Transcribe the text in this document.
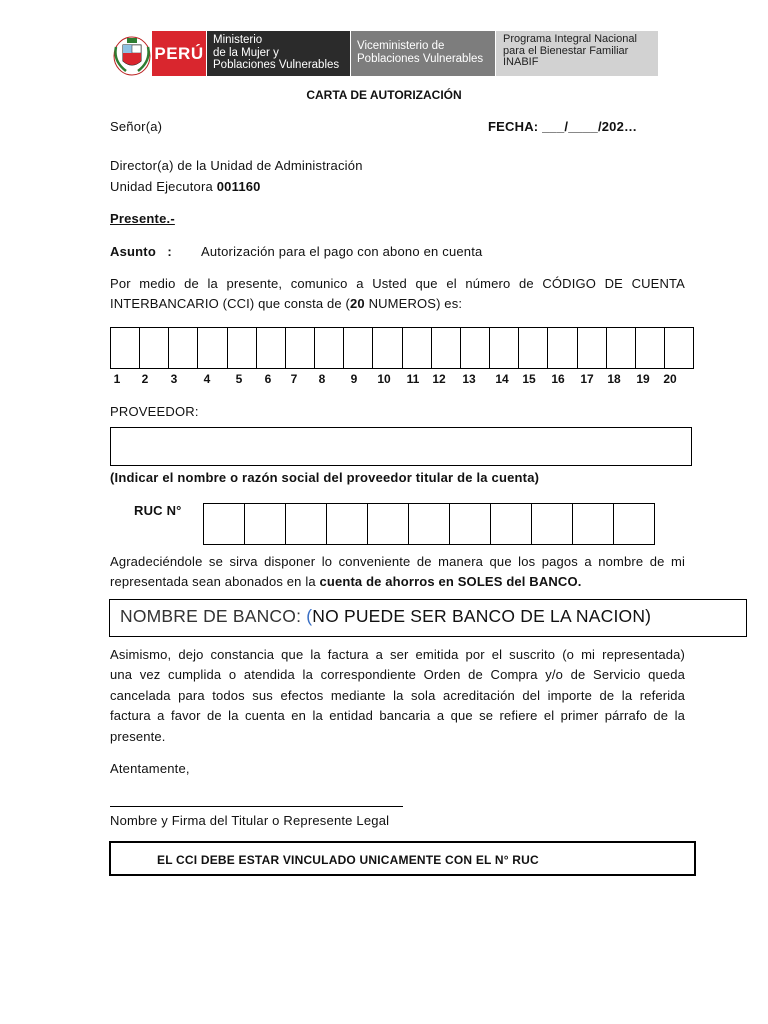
PERÚ
Ministerio
de la Mujer y
Poblaciones Vulnerables
Viceministerio de
Poblaciones Vulnerables
Programa Integral Nacional
para el Bienestar Familiar
INABIF
CARTA DE AUTORIZACIÓN
Señor(a)	FECHA: ___/____/202…
Director(a) de la Unidad de Administración
Unidad Ejecutora 001160
Presente.-
Asunto   : Autorización para el pago con abono en cuenta
Por medio de la presente, comunico a Usted que el número de CÓDIGO DE CUENTA
INTERBANCARIO (CCI) que consta de (20 NUMEROS) es:
1	2	3	4	5	6	7	8	9	10	11	12	13	14	15	16	17	18	19	20
PROVEEDOR:
(Indicar el nombre o razón social del proveedor titular de la cuenta)
RUC N°
Agradeciéndole se sirva disponer lo conveniente de manera que los pagos a nombre de mi
representada sean abonados en la cuenta de ahorros en SOLES del BANCO.
NOMBRE DE BANCO: (NO PUEDE SER BANCO DE LA NACION)
Asimismo, dejo constancia que la factura a ser emitida por el suscrito (o mi representada)
una vez cumplida o atendida la correspondiente Orden de Compra y/o de Servicio queda
cancelada para todos sus efectos mediante la sola acreditación del importe de la referida
factura a favor de la cuenta en la entidad bancaria a que se refiere el primer párrafo de la
presente.
Atentamente,
Nombre y Firma del Titular o Represente Legal
EL CCI DEBE ESTAR VINCULADO UNICAMENTE CON EL N° RUC
